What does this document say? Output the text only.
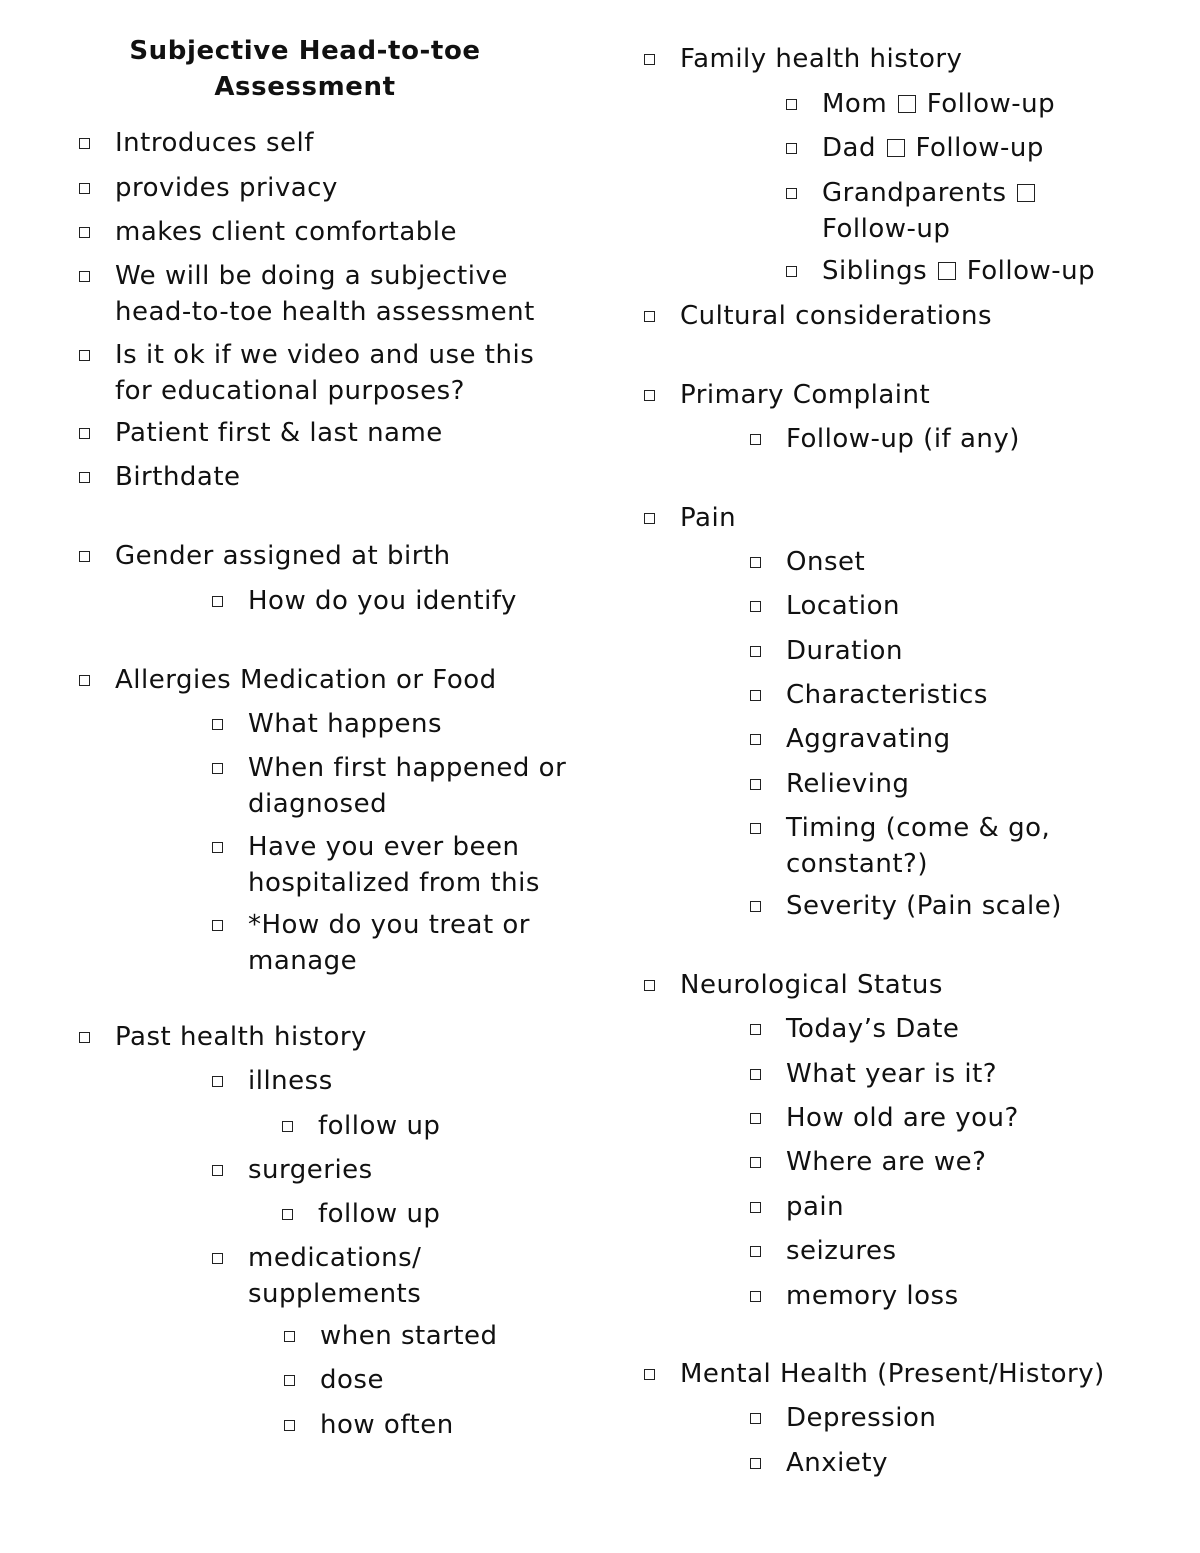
Subjective Head-to-toe
Assessment
Introduces self
provides privacy
makes client comfortable
We will be doing a subjective
head-to-toe health assessment
Is it ok if we video and use this
for educational purposes?
Patient first & last name
Birthdate
Gender assigned at birth
How do you identify
Allergies Medication or Food
What happens
When first happened or
diagnosed
Have you ever been
hospitalized from this
*How do you treat or
manage
Past health history
illness
follow up
surgeries
follow up
medications/
supplements
when started
dose
how often
Family health history
Mom Follow-up
Dad Follow-up
Grandparents
Follow-up
Siblings Follow-up
Cultural considerations
Primary Complaint
Follow-up (if any)
Pain
Onset
Location
Duration
Characteristics
Aggravating
Relieving
Timing (come & go,
constant?)
Severity (Pain scale)
Neurological Status
Today’s Date
What year is it?
How old are you?
Where are we?
pain
seizures
memory loss
Mental Health (Present/History)
Depression
Anxiety
